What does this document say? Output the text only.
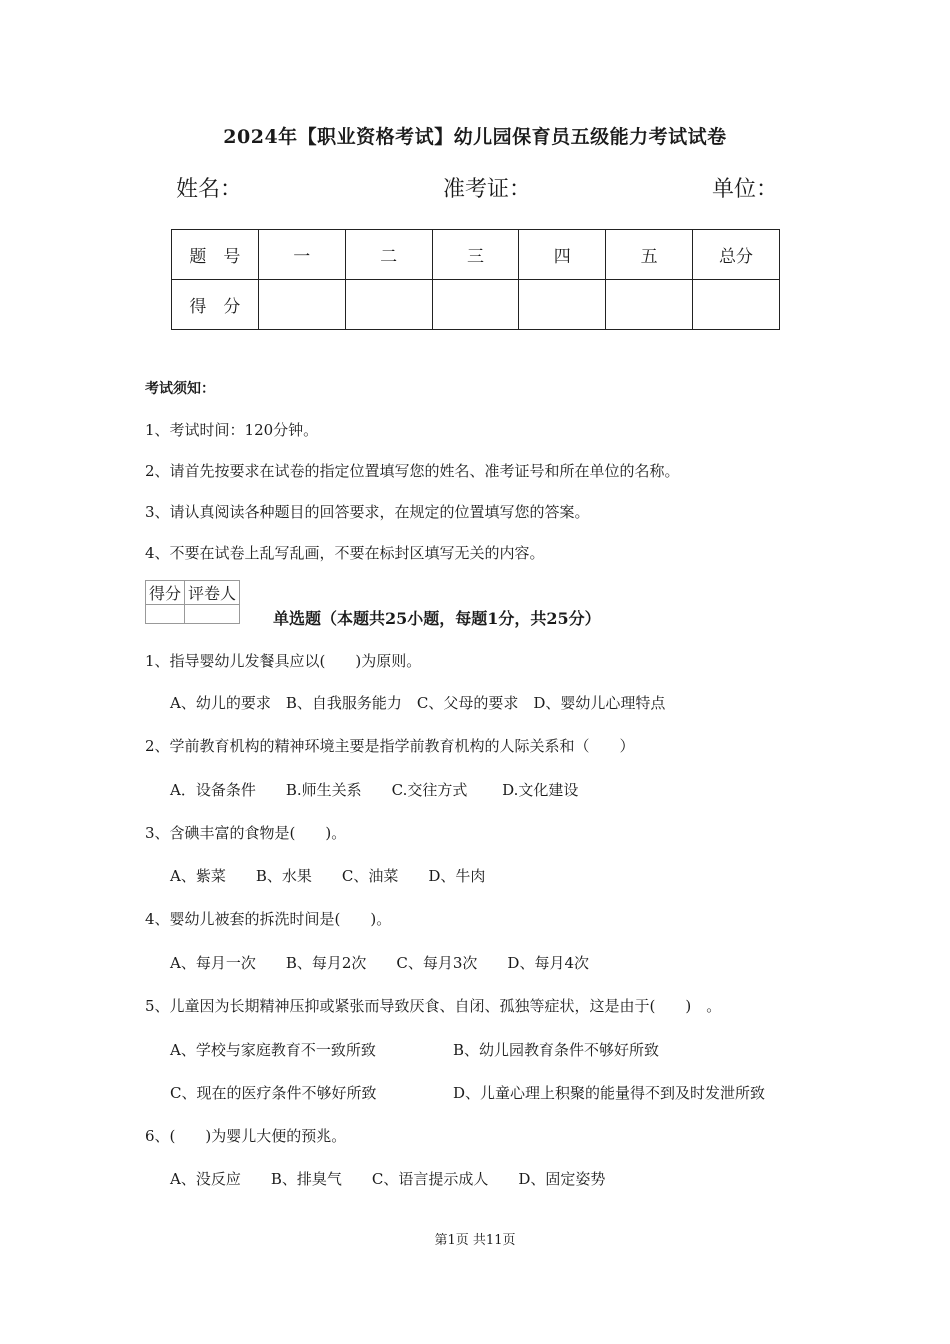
2024年【职业资格考试】幼儿园保育员五级能力考试试卷
姓名：	准考证：	单位：
题　号	一	二	三	四	五	总分
得　分						
考试须知：
1、考试时间：120分钟。
2、请首先按要求在试卷的指定位置填写您的姓名、准考证号和所在单位的名称。
3、请认真阅读各种题目的回答要求，在规定的位置填写您的答案。
4、不要在试卷上乱写乱画，不要在标封区填写无关的内容。
得分	评卷人

单选题（本题共25小题，每题1分，共25分）
1、指导婴幼儿发餐具应以(　　)为原则。
A、幼儿的要求　B、自我服务能力　C、父母的要求　D、婴幼儿心理特点
2、学前教育机构的精神环境主要是指学前教育机构的人际关系和（　　）
A．设备条件　　B.师生关系　　C.交往方式　　 D.文化建设
3、含碘丰富的食物是(　　)。
A、紫菜　　B、水果　　C、油菜　　D、牛肉
4、婴幼儿被套的拆洗时间是(　　)。
A、每月一次　　B、每月2次　　C、每月3次　　D、每月4次
5、儿童因为长期精神压抑或紧张而导致厌食、自闭、孤独等症状，这是由于(　　)　。
A、学校与家庭教育不一致所致	B、幼儿园教育条件不够好所致
C、现在的医疗条件不够好所致	D、儿童心理上积聚的能量得不到及时发泄所致
6、(　　)为婴儿大便的预兆。
A、没反应　　B、排臭气　　C、语言提示成人　　D、固定姿势
第1页 共11页
